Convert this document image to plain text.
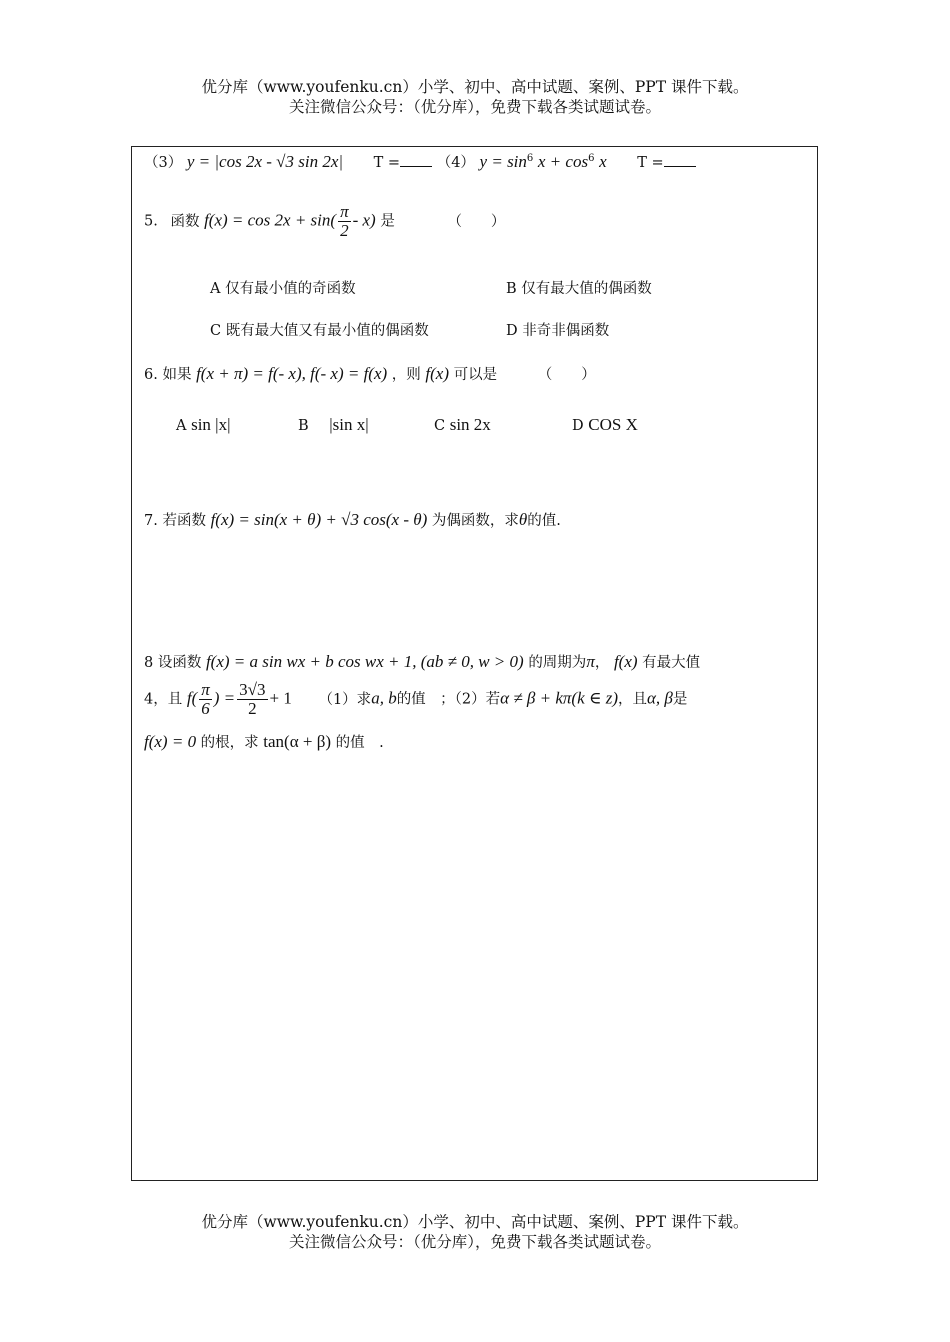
优分库（www.youfenku.cn）小学、初中、高中试题、案例、PPT 课件下载。
关注微信公众号：（优分库），免费下载各类试题试卷。
（3） y = |cos 2x - √3 sin 2x| T =	（4） $y = \sin^6 x + \cos^6 x$ T =
5. 函数 $f(x) = \cos 2x + \sin( \frac{\pi}{2} - x)$ 是	（　　）
A 仅有最小值的奇函数	B 仅有最大值的偶函数
C 既有最大值又有最小值的偶函数	D 非奇非偶函数
6. 如果 f(x + π) = f(- x), f(- x) = f(x) ，则 f(x) 可以是	（　　）
A sin |x|	B |sin x|	C sin 2x	D COS X
7. 若函数 f(x) = sin(x + θ) + √3 cos(x - θ) 为偶函数，求θ的值.
8 设函数 f(x) = a sin wx + b cos wx + 1, (ab ≠ 0, w > 0) 的周期为π， f(x) 有最大值
4，且 $f( \frac{\pi}{6}$ ) = $\frac{3√3}{2} + 1$ （1）求a, b的值　；（2）若α ≠ β + kπ(k ∈ z)，且α, β是
f(x) = 0 的根，求 tan(α + β) 的值　.
优分库（www.youfenku.cn）小学、初中、高中试题、案例、PPT 课件下载。
关注微信公众号：（优分库），免费下载各类试题试卷。
